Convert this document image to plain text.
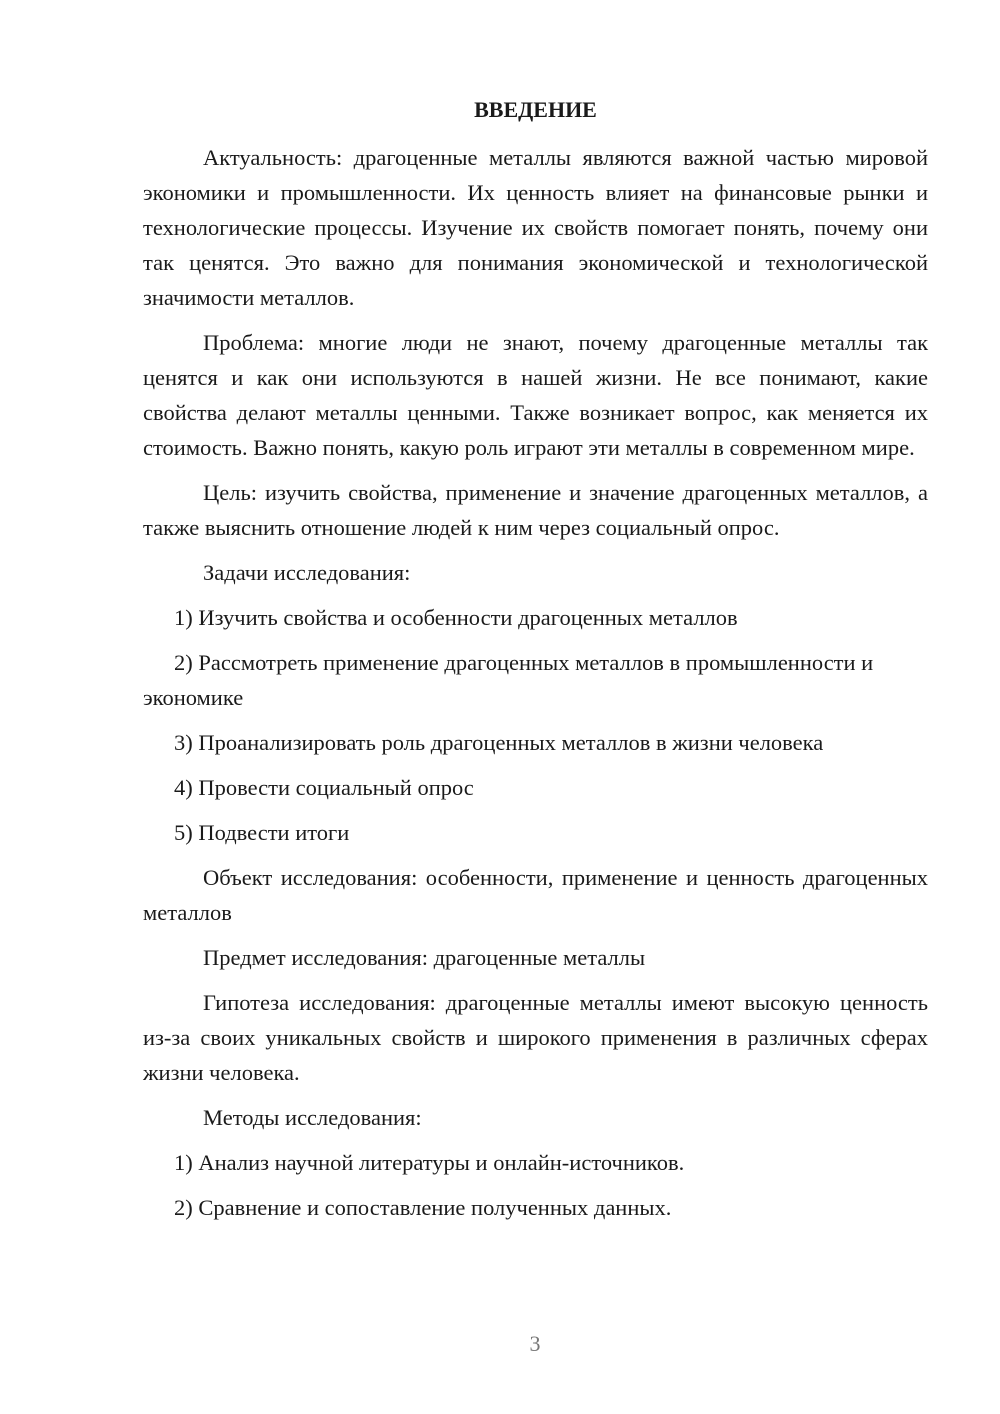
ВВЕДЕНИЕ

Актуальность: драгоценные металлы являются важной частью мировой экономики и промышленности. Их ценность влияет на финансовые рынки и технологические процессы. Изучение их свойств помогает понять, почему они так ценятся. Это важно для понимания экономической и технологической значимости металлов.

Проблема: многие люди не знают, почему драгоценные металлы так ценятся и как они используются в нашей жизни. Не все понимают, какие свойства делают металлы ценными. Также возникает вопрос, как меняется их стоимость. Важно понять, какую роль играют эти металлы в современном мире.

Цель: изучить свойства, применение и значение драгоценных металлов, а также выяснить отношение людей к ним через социальный опрос.

Задачи исследования:

1) Изучить свойства и особенности драгоценных металлов

2) Рассмотреть применение драгоценных металлов в промышленности и экономике

3) Проанализировать роль драгоценных металлов в жизни человека

4) Провести социальный опрос

5) Подвести итоги

Объект исследования: особенности, применение и ценность драгоценных металлов

Предмет исследования: драгоценные металлы

Гипотеза исследования: драгоценные металлы имеют высокую ценность из-за своих уникальных свойств и широкого применения в различных сферах жизни человека.

Методы исследования:

1) Анализ научной литературы и онлайн-источников.

2) Сравнение и сопоставление полученных данных.

3
